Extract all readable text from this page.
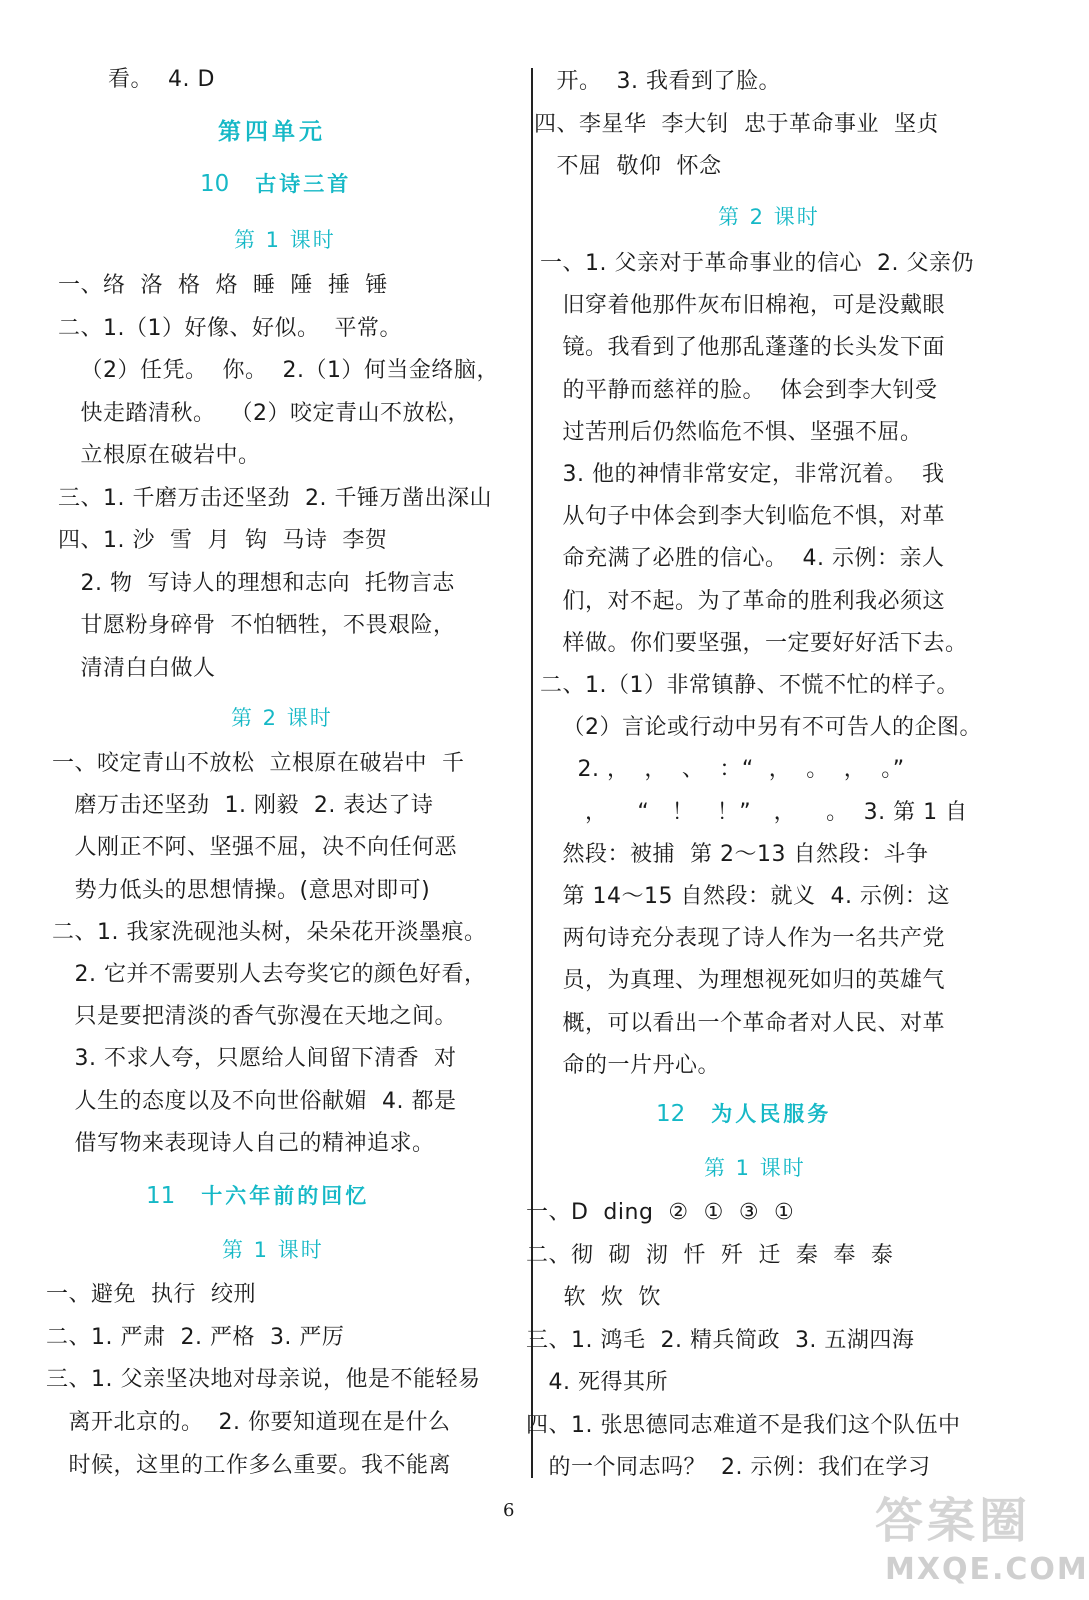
看。  4. D
第四单元
10 古诗三首
第 1 课时
一、络  洛  格  烙  睡  陲  捶  锤
二、1.（1）好像、好似。  平常。
（2）任凭。  你。  2.（1）何当金络脑，
快走踏清秋。  （2）咬定青山不放松，
立根原在破岩中。
三、1. 千磨万击还坚劲  2. 千锤万凿出深山
四、1. 沙  雪  月  钩  马诗  李贺
2. 物  写诗人的理想和志向  托物言志
甘愿粉身碎骨  不怕牺牲，不畏艰险，
清清白白做人
第 2 课时
一、咬定青山不放松  立根原在破岩中  千
磨万击还坚劲  1. 刚毅  2. 表达了诗
人刚正不阿、坚强不屈，决不向任何恶
势力低头的思想情操。(意思对即可)
二、1. 我家洗砚池头树，朵朵花开淡墨痕。
2. 它并不需要别人去夸奖它的颜色好看，
只是要把清淡的香气弥漫在天地之间。
3. 不求人夸，只愿给人间留下清香  对
人生的态度以及不向世俗献媚  4. 都是
借写物来表现诗人自己的精神追求。
11 十六年前的回忆
第 1 课时
一、避免  执行  绞刑
二、1. 严肃  2. 严格  3. 严厉
三、1. 父亲坚决地对母亲说，他是不能轻易
离开北京的。  2. 你要知道现在是什么
时候，这里的工作多么重要。我不能离
开。  3. 我看到了脸。
四、李星华  李大钊  忠于革命事业  坚贞
不屈  敬仰  怀念
第 2 课时
一、1. 父亲对于革命事业的信心  2. 父亲仍
旧穿着他那件灰布旧棉袍，可是没戴眼
镜。我看到了他那乱蓬蓬的长头发下面
的平静而慈祥的脸。  体会到李大钊受
过苦刑后仍然临危不惧、坚强不屈。
3. 他的神情非常安定，非常沉着。  我
从句子中体会到李大钊临危不惧，对革
命充满了必胜的信心。  4. 示例：亲人
们，对不起。为了革命的胜利我必须这
样做。你们要坚强，一定要好好活下去。
二、1.（1）非常镇静、不慌不忙的样子。
（2）言论或行动中另有不可告人的企图。
2. ，  ，  、  ：“  ，  。  ，  。”
，    “   ！   ！”   ，    。  3. 第 1 自
然段：被捕  第 2～13 自然段：斗争
第 14～15 自然段：就义  4. 示例：这
两句诗充分表现了诗人作为一名共产党
员，为真理、为理想视死如归的英雄气
概，可以看出一个革命者对人民、对革
命的一片丹心。
12 为人民服务
第 1 课时
一、D  ding  ②  ①  ③  ①
二、彻  砌  沏  忏  歼  迁  秦  奉  泰
软  炊  饮
三、1. 鸿毛  2. 精兵简政  3. 五湖四海
4. 死得其所
四、1. 张思德同志难道不是我们这个队伍中
的一个同志吗？  2. 示例：我们在学习
6	答案圈
MXQE.COM
